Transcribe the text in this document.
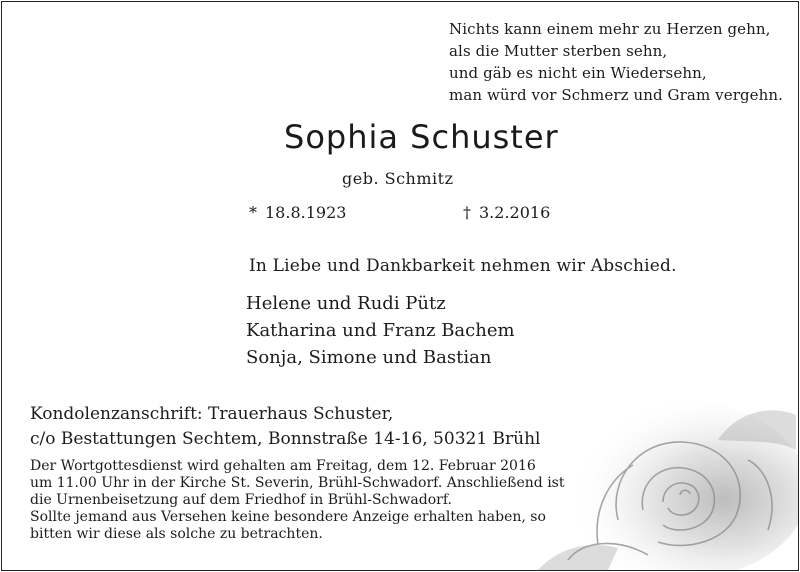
Nichts kann einem mehr zu Herzen gehn,
als die Mutter sterben sehn,
und gäb es nicht ein Wiedersehn,
man würd vor Schmerz und Gram vergehn.
Sophia Schuster
geb. Schmitz
* 18.8.1923	† 3.2.2016
In Liebe und Dankbarkeit nehmen wir Abschied.
Helene und Rudi Pütz
Katharina und Franz Bachem
Sonja, Simone und Bastian
Kondolenzanschrift: Trauerhaus Schuster,
c/o Bestattungen Sechtem, Bonnstraße 14-16, 50321 Brühl
Der Wortgottesdienst wird gehalten am Freitag, dem 12. Februar 2016
um 11.00 Uhr in der Kirche St. Severin, Brühl-Schwadorf. Anschließend ist
die Urnenbeisetzung auf dem Friedhof in Brühl-Schwadorf.
Sollte jemand aus Versehen keine besondere Anzeige erhalten haben, so
bitten wir diese als solche zu betrachten.
